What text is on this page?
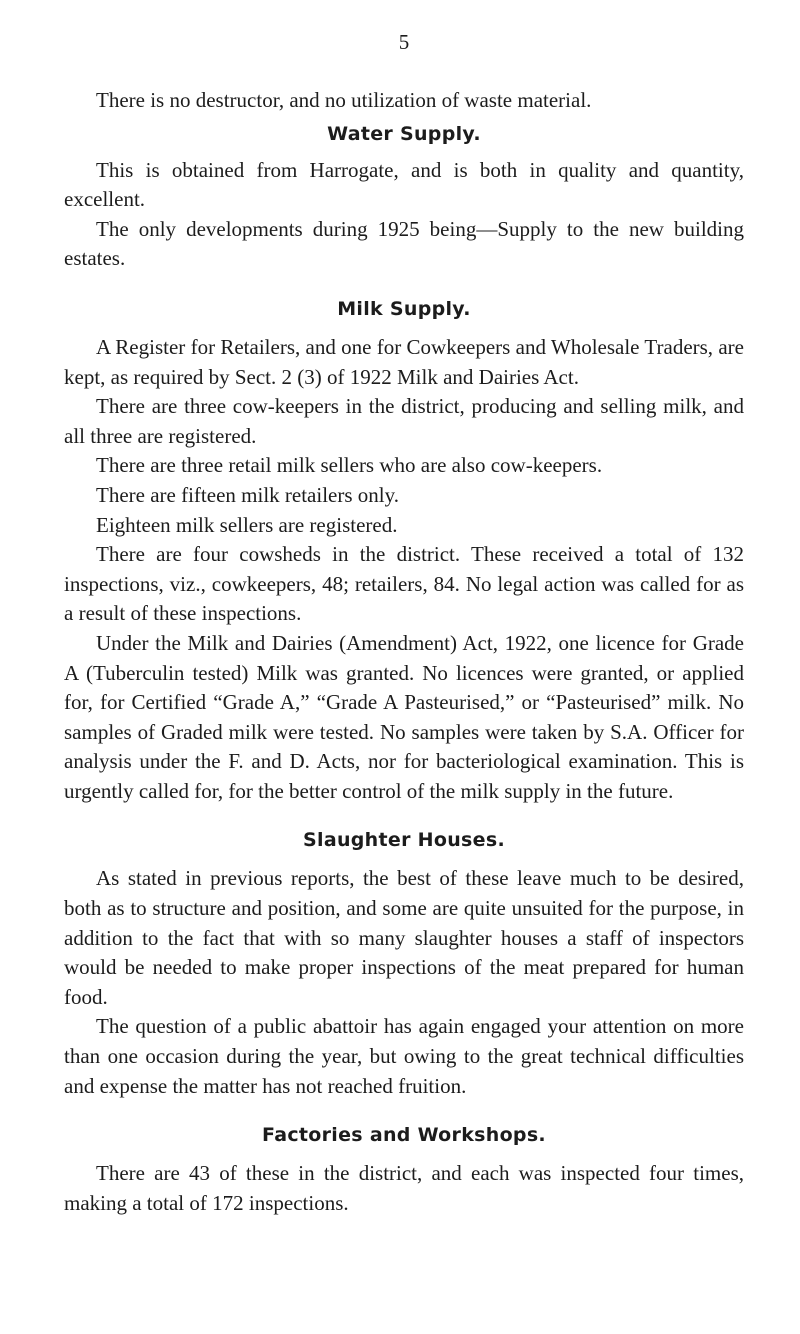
5

There is no destructor, and no utilization of waste material.

Water Supply.

This is obtained from Harrogate, and is both in quality and quantity, excellent.

The only developments during 1925 being—Supply to the new building estates.

Milk Supply.

A Register for Retailers, and one for Cowkeepers and Wholesale Traders, are kept, as required by Sect. 2 (3) of 1922 Milk and Dairies Act.

There are three cow-keepers in the district, producing and selling milk, and all three are registered.

There are three retail milk sellers who are also cow-keepers.

There are fifteen milk retailers only.

Eighteen milk sellers are registered.

There are four cowsheds in the district. These received a total of 132 inspections, viz., cowkeepers, 48; retailers, 84. No legal action was called for as a result of these inspections.

Under the Milk and Dairies (Amendment) Act, 1922, one licence for Grade A (Tuberculin tested) Milk was granted. No licences were granted, or applied for, for Certified “Grade A,” “Grade A Pasteurised,” or “Pasteurised” milk. No samples of Graded milk were tested. No samples were taken by S.A. Officer for analysis under the F. and D. Acts, nor for bacteriological examination. This is urgently called for, for the better control of the milk supply in the future.

Slaughter Houses.

As stated in previous reports, the best of these leave much to be desired, both as to structure and position, and some are quite unsuited for the purpose, in addition to the fact that with so many slaughter houses a staff of inspectors would be needed to make proper inspections of the meat prepared for human food.

The question of a public abattoir has again engaged your attention on more than one occasion during the year, but owing to the great technical difficulties and expense the matter has not reached fruition.

Factories and Workshops.

There are 43 of these in the district, and each was inspected four times, making a total of 172 inspections.
